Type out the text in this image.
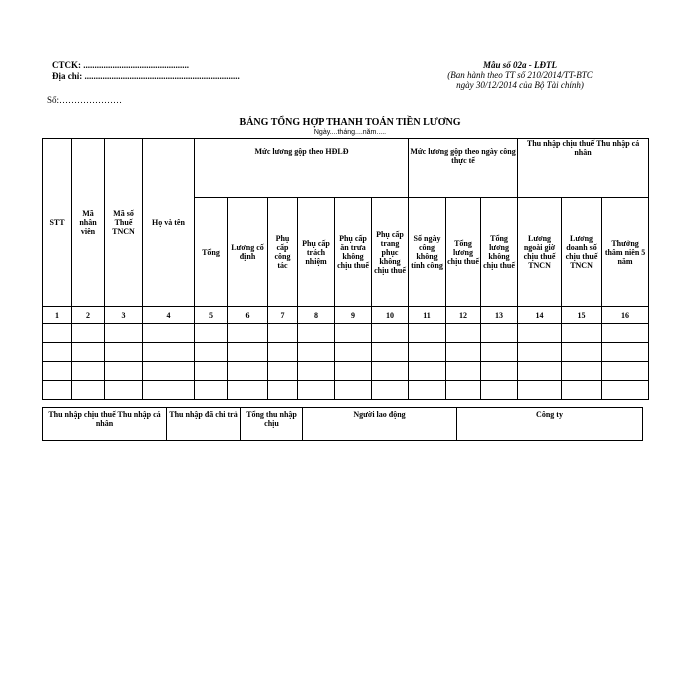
CTCK: ...............................................
Địa chỉ: .....................................................................
Số:…………………
Mẫu số 02a - LĐTL
(Ban hành theo TT số 210/2014/TT-BTC
ngày 30/12/2014 của Bộ Tài chính)
BẢNG TỔNG HỢP THANH TOÁN TIỀN LƯƠNG
Ngày....tháng....năm.....
STT	Mã nhân viên	Mã số Thuế TNCN	Họ và tên	Mức lương gộp theo HĐLĐ						Mức lương gộp theo ngày công thực tế			Thu nhập chịu thuế Thu nhập cá nhân		
				Tổng	Lương cố định	Phụ cấp công tác	Phụ cấp trách nhiệm	Phụ cấp ăn trưa không chịu thuế	Phụ cấp trang phục không chịu thuế	Số ngày công không tính công	Tổng lương chịu thuế	Tổng lương không chịu thuế	Lương ngoài giờ chịu thuế TNCN	Lương doanh số chịu thuế TNCN	Thưởng thâm niên 5 năm
1	2	3	4	5	6	7	8	9	10	11	12	13	14	15	16

Thu nhập chịu thuế Thu nhập cá nhân	Thu nhập đã chi trả	Tổng thu nhập chịu	Người lao động	Công ty
